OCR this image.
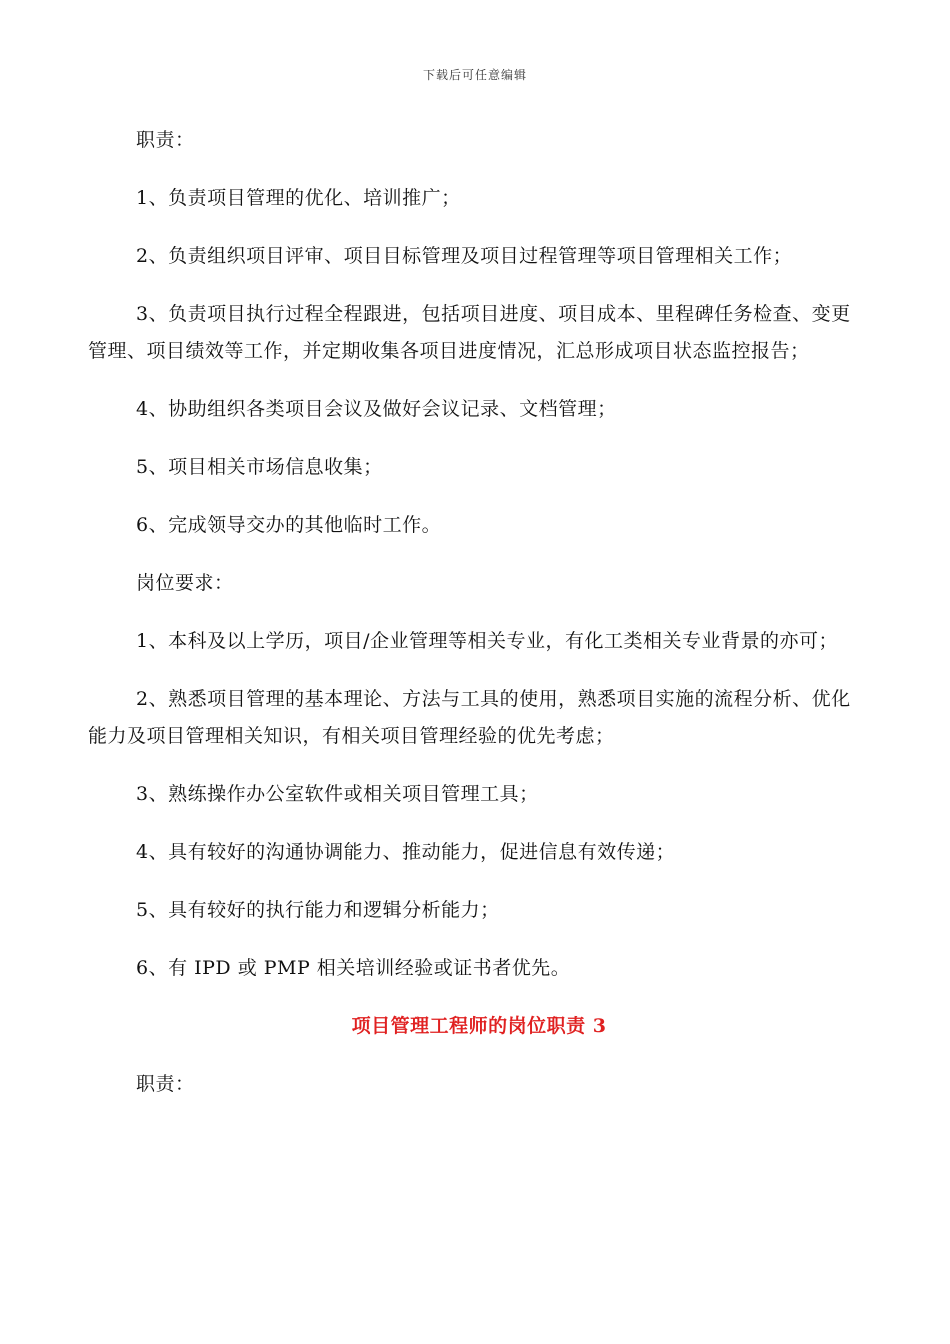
下载后可任意编辑

职责：

1、负责项目管理的优化、培训推广；

2、负责组织项目评审、项目目标管理及项目过程管理等项目管理相关工作；

3、负责项目执行过程全程跟进，包括项目进度、项目成本、里程碑任务检查、变更管理、项目绩效等工作，并定期收集各项目进度情况，汇总形成项目状态监控报告；

4、协助组织各类项目会议及做好会议记录、文档管理；

5、项目相关市场信息收集；

6、完成领导交办的其他临时工作。

岗位要求：

1、本科及以上学历，项目/企业管理等相关专业，有化工类相关专业背景的亦可；

2、熟悉项目管理的基本理论、方法与工具的使用，熟悉项目实施的流程分析、优化能力及项目管理相关知识，有相关项目管理经验的优先考虑；

3、熟练操作办公室软件或相关项目管理工具；

4、具有较好的沟通协调能力、推动能力，促进信息有效传递；

5、具有较好的执行能力和逻辑分析能力；

6、有 IPD 或 PMP 相关培训经验或证书者优先。

项目管理工程师的岗位职责 3

职责：
